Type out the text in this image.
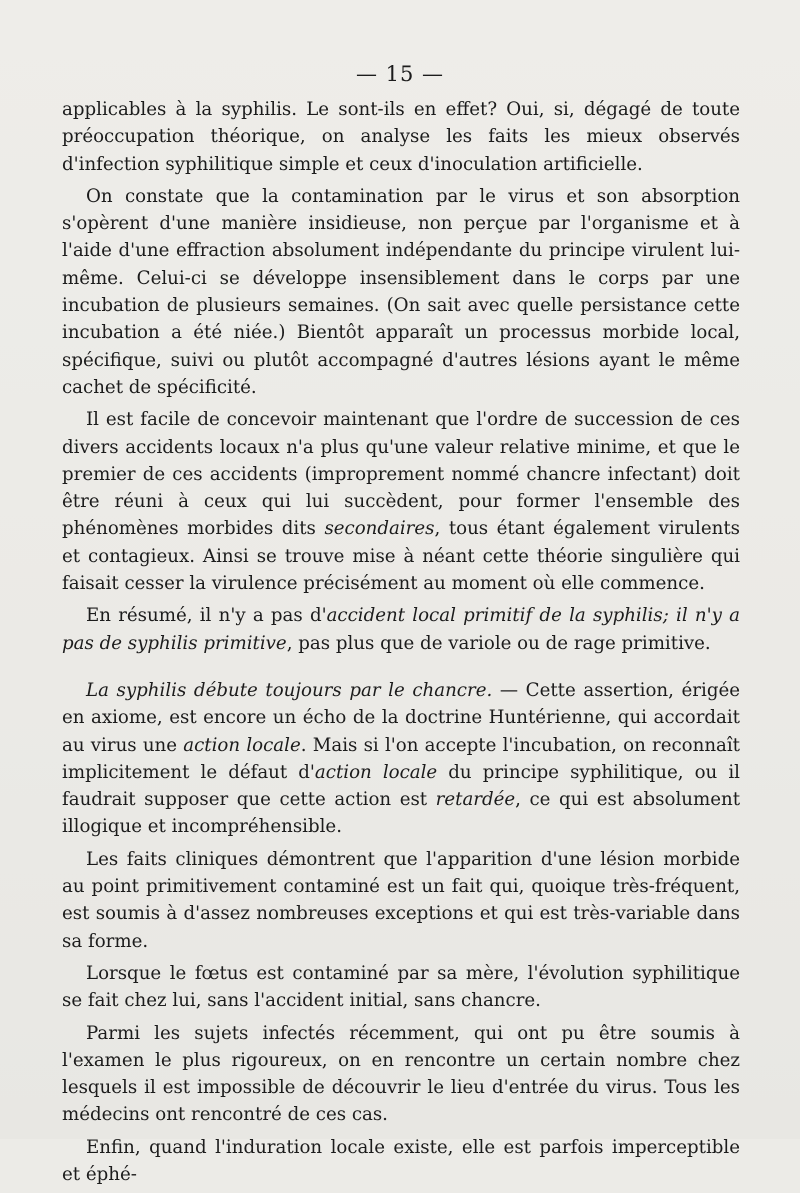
— 15 —

applicables à la syphilis. Le sont-ils en effet? Oui, si, dégagé de toute préoccupation théorique, on analyse les faits les mieux observés d'infection syphilitique simple et ceux d'inoculation artificielle.

On constate que la contamination par le virus et son absorption s'opèrent d'une manière insidieuse, non perçue par l'organisme et à l'aide d'une effraction absolument indépendante du principe virulent lui-même. Celui-ci se développe insensiblement dans le corps par une incubation de plusieurs semaines. (On sait avec quelle persistance cette incubation a été niée.) Bientôt apparaît un processus morbide local, spécifique, suivi ou plutôt accompagné d'autres lésions ayant le même cachet de spécificité.

Il est facile de concevoir maintenant que l'ordre de succession de ces divers accidents locaux n'a plus qu'une valeur relative minime, et que le premier de ces accidents (improprement nommé chancre infectant) doit être réuni à ceux qui lui succèdent, pour former l'ensemble des phénomènes morbides dits secondaires, tous étant également virulents et contagieux. Ainsi se trouve mise à néant cette théorie singulière qui faisait cesser la virulence précisément au moment où elle commence.

En résumé, il n'y a pas d'accident local primitif de la syphilis; il n'y a pas de syphilis primitive, pas plus que de variole ou de rage primitive.

La syphilis débute toujours par le chancre. — Cette assertion, érigée en axiome, est encore un écho de la doctrine Huntérienne, qui accordait au virus une action locale. Mais si l'on accepte l'incubation, on reconnaît implicitement le défaut d'action locale du principe syphilitique, ou il faudrait supposer que cette action est retardée, ce qui est absolument illogique et incompréhensible.

Les faits cliniques démontrent que l'apparition d'une lésion morbide au point primitivement contaminé est un fait qui, quoique très-fréquent, est soumis à d'assez nombreuses exceptions et qui est très-variable dans sa forme.

Lorsque le fœtus est contaminé par sa mère, l'évolution syphilitique se fait chez lui, sans l'accident initial, sans chancre.

Parmi les sujets infectés récemment, qui ont pu être soumis à l'examen le plus rigoureux, on en rencontre un certain nombre chez lesquels il est impossible de découvrir le lieu d'entrée du virus. Tous les médecins ont rencontré de ces cas.

Enfin, quand l'induration locale existe, elle est parfois imperceptible et éphé-
